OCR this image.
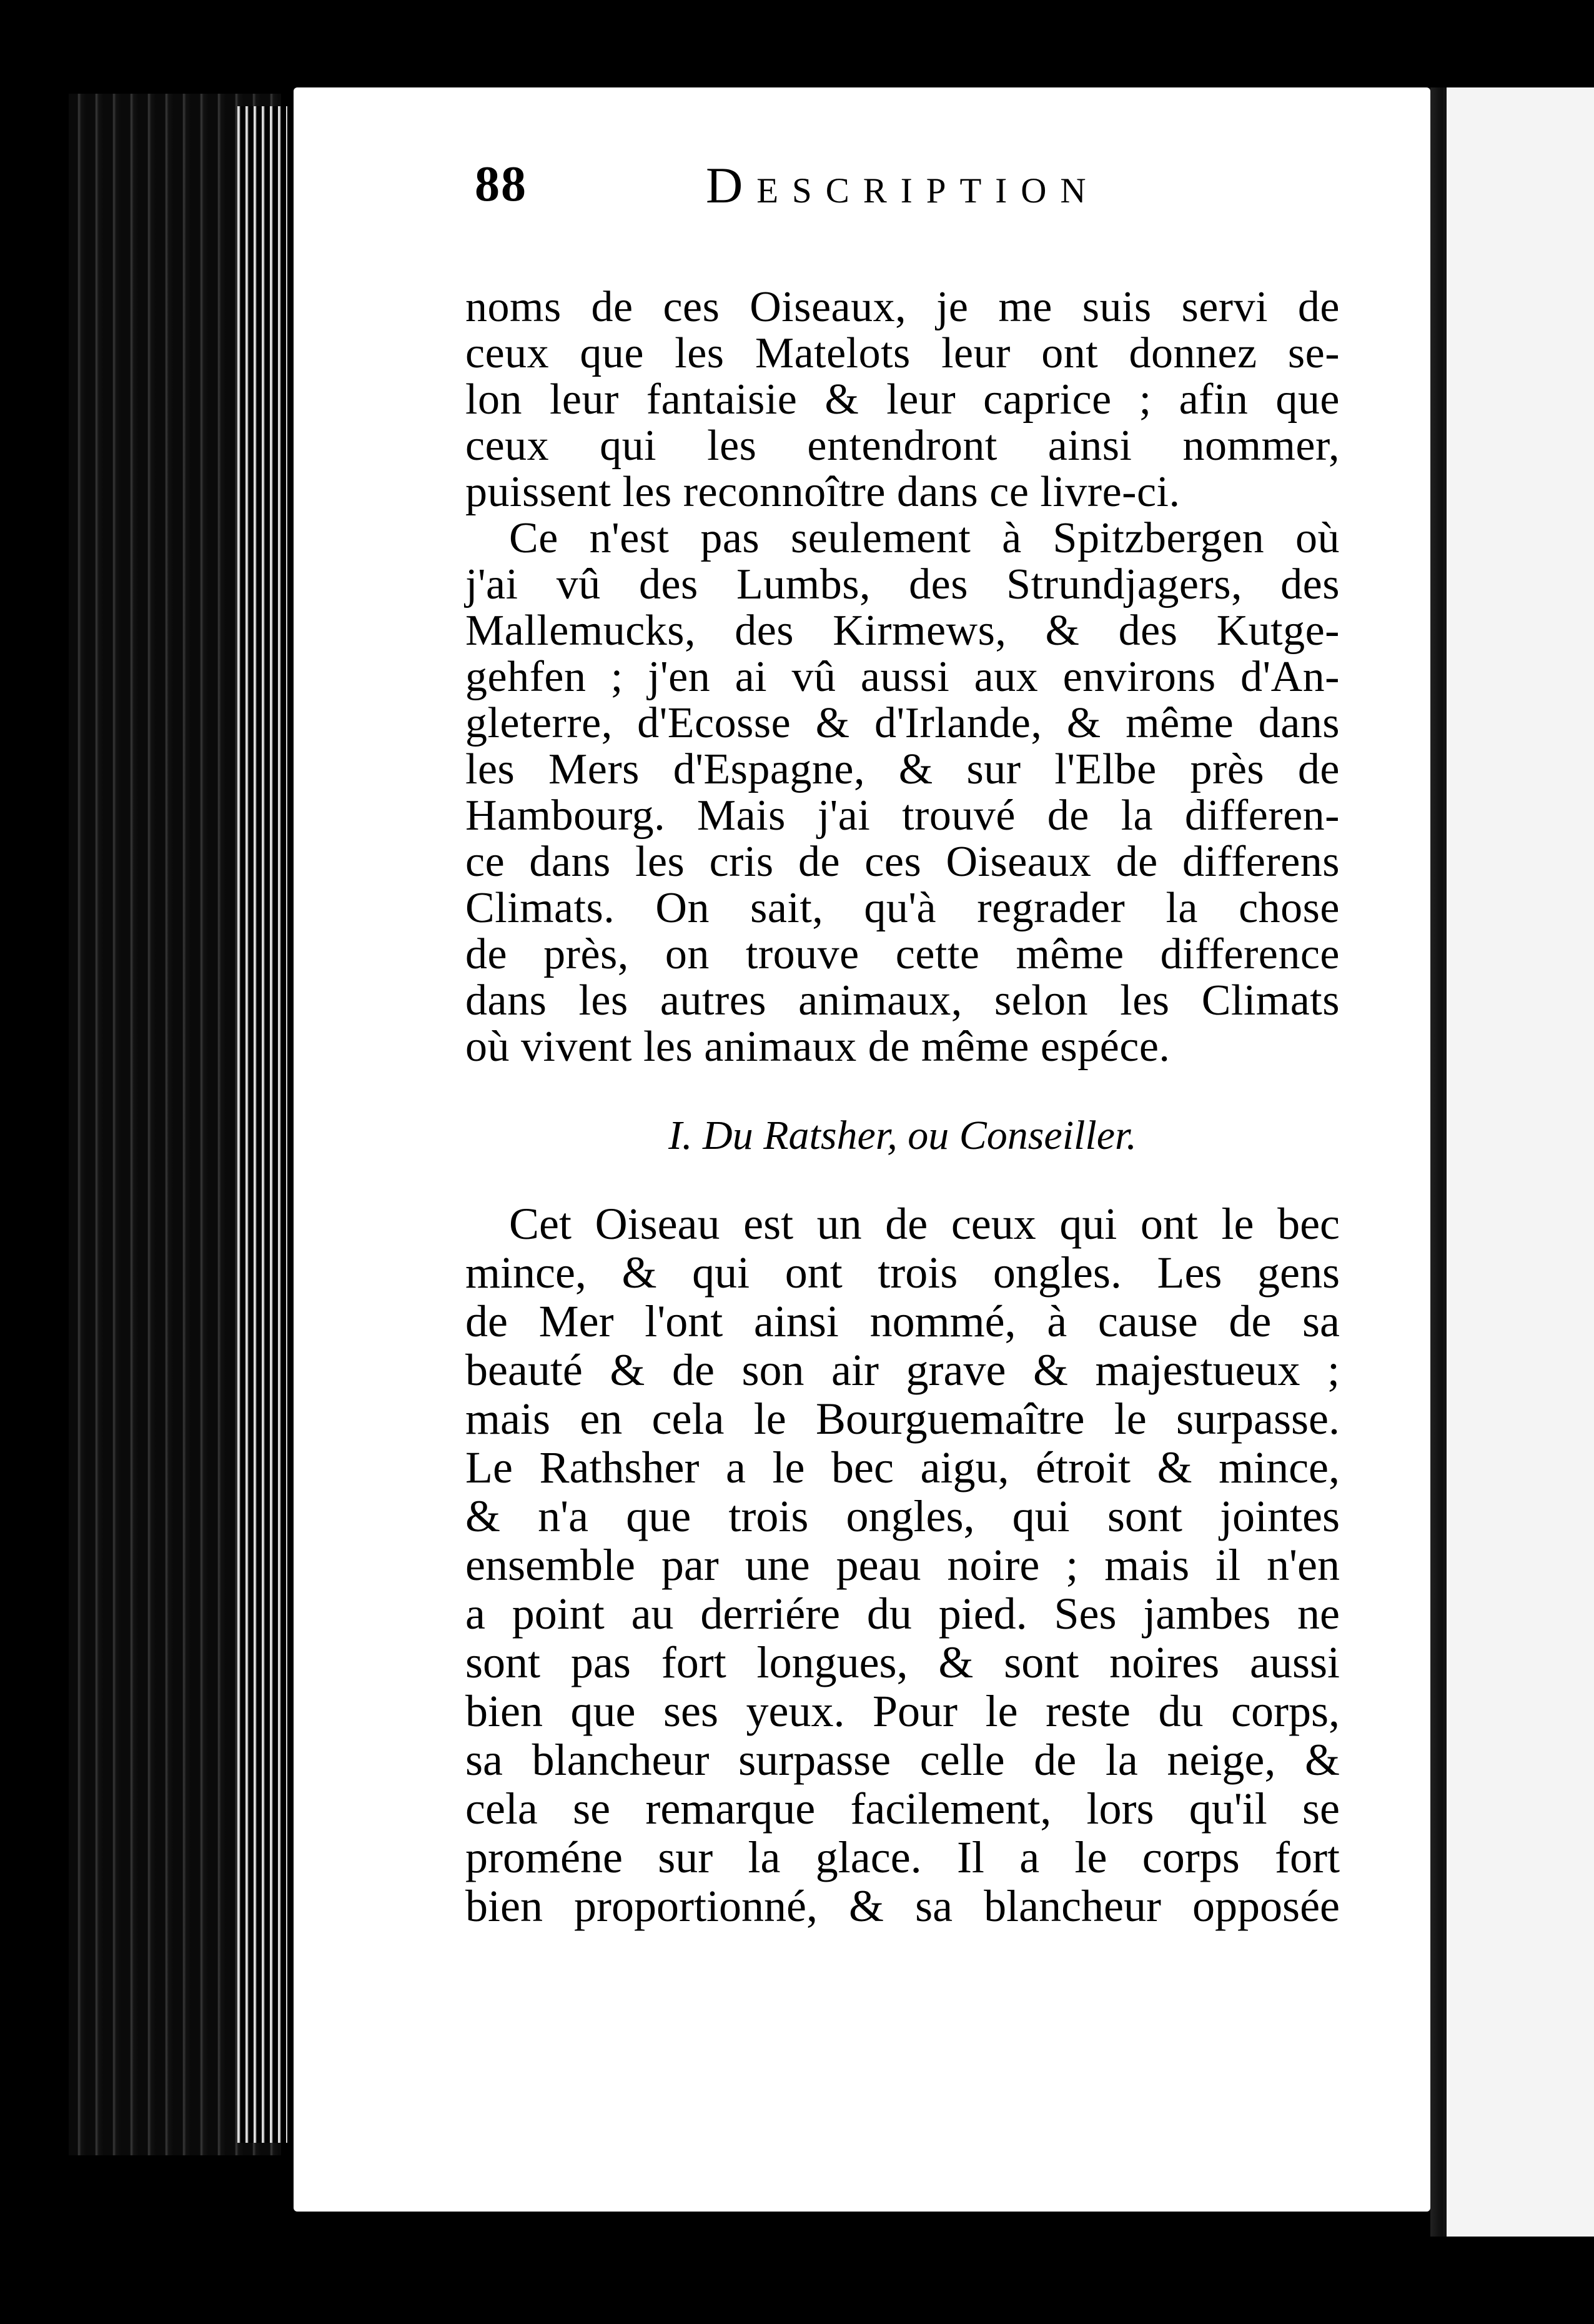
88	Description
noms de ces Oiseaux, je me suis servi de
ceux que les Matelots leur ont donnez se-
lon leur fantaisie & leur caprice ; afin que
ceux qui les entendront ainsi nommer,
puissent les reconnoître dans ce livre-ci.
Ce n'est pas seulement à Spitzbergen où
j'ai vû des Lumbs, des Strundjagers, des
Mallemucks, des Kirmews, & des Kutge-
gehfen ; j'en ai vû aussi aux environs d'An-
gleterre, d'Ecosse & d'Irlande, & même dans
les Mers d'Espagne, & sur l'Elbe près de
Hambourg. Mais j'ai trouvé de la differen-
ce dans les cris de ces Oiseaux de differens
Climats. On sait, qu'à regrader la chose
de près, on trouve cette même difference
dans les autres animaux, selon les Climats
où vivent les animaux de même espéce.
I. Du Ratsher, ou Conseiller.
Cet Oiseau est un de ceux qui ont le bec
mince, & qui ont trois ongles. Les gens
de Mer l'ont ainsi nommé, à cause de sa
beauté & de son air grave & majestueux ;
mais en cela le Bourguemaître le surpasse.
Le Rathsher a le bec aigu, étroit & mince,
& n'a que trois ongles, qui sont jointes
ensemble par une peau noire ; mais il n'en
a point au derriére du pied. Ses jambes ne
sont pas fort longues, & sont noires aussi
bien que ses yeux. Pour le reste du corps,
sa blancheur surpasse celle de la neige, &
cela se remarque facilement, lors qu'il se
proméne sur la glace. Il a le corps fort
bien proportionné, & sa blancheur opposée
